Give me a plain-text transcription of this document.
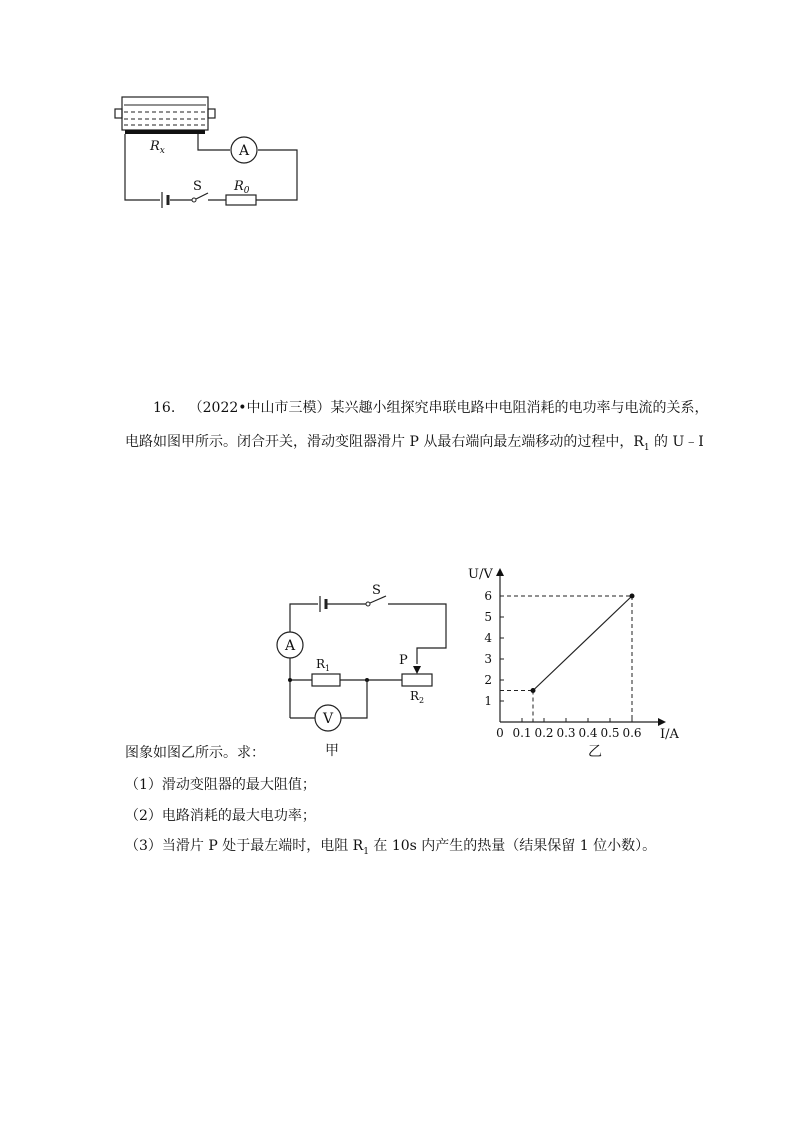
A
S $R_0$
$R_x$
16. （2022•中山市三模）某兴趣小组探究串联电路中电阻消耗的电功率与电流的关系，
电路如图甲所示。闭合开关，滑动变阻器滑片 P 从最右端向最左端移动的过程中，$R_1$ 的 U﹣I
S
A
$R_1$
P
$R_2$
V
甲
U/V
I/A
乙
0 0.1 0.2 0.3 0.4 0.5 0.6
1
2
3
4
5
6
图象如图乙所示。求：
（1）滑动变阻器的最大阻值；
（2）电路消耗的最大电功率；
（3）当滑片 P 处于最左端时，电阻 $R_1$ 在 10s 内产生的热量（结果保留 1 位小数）。
